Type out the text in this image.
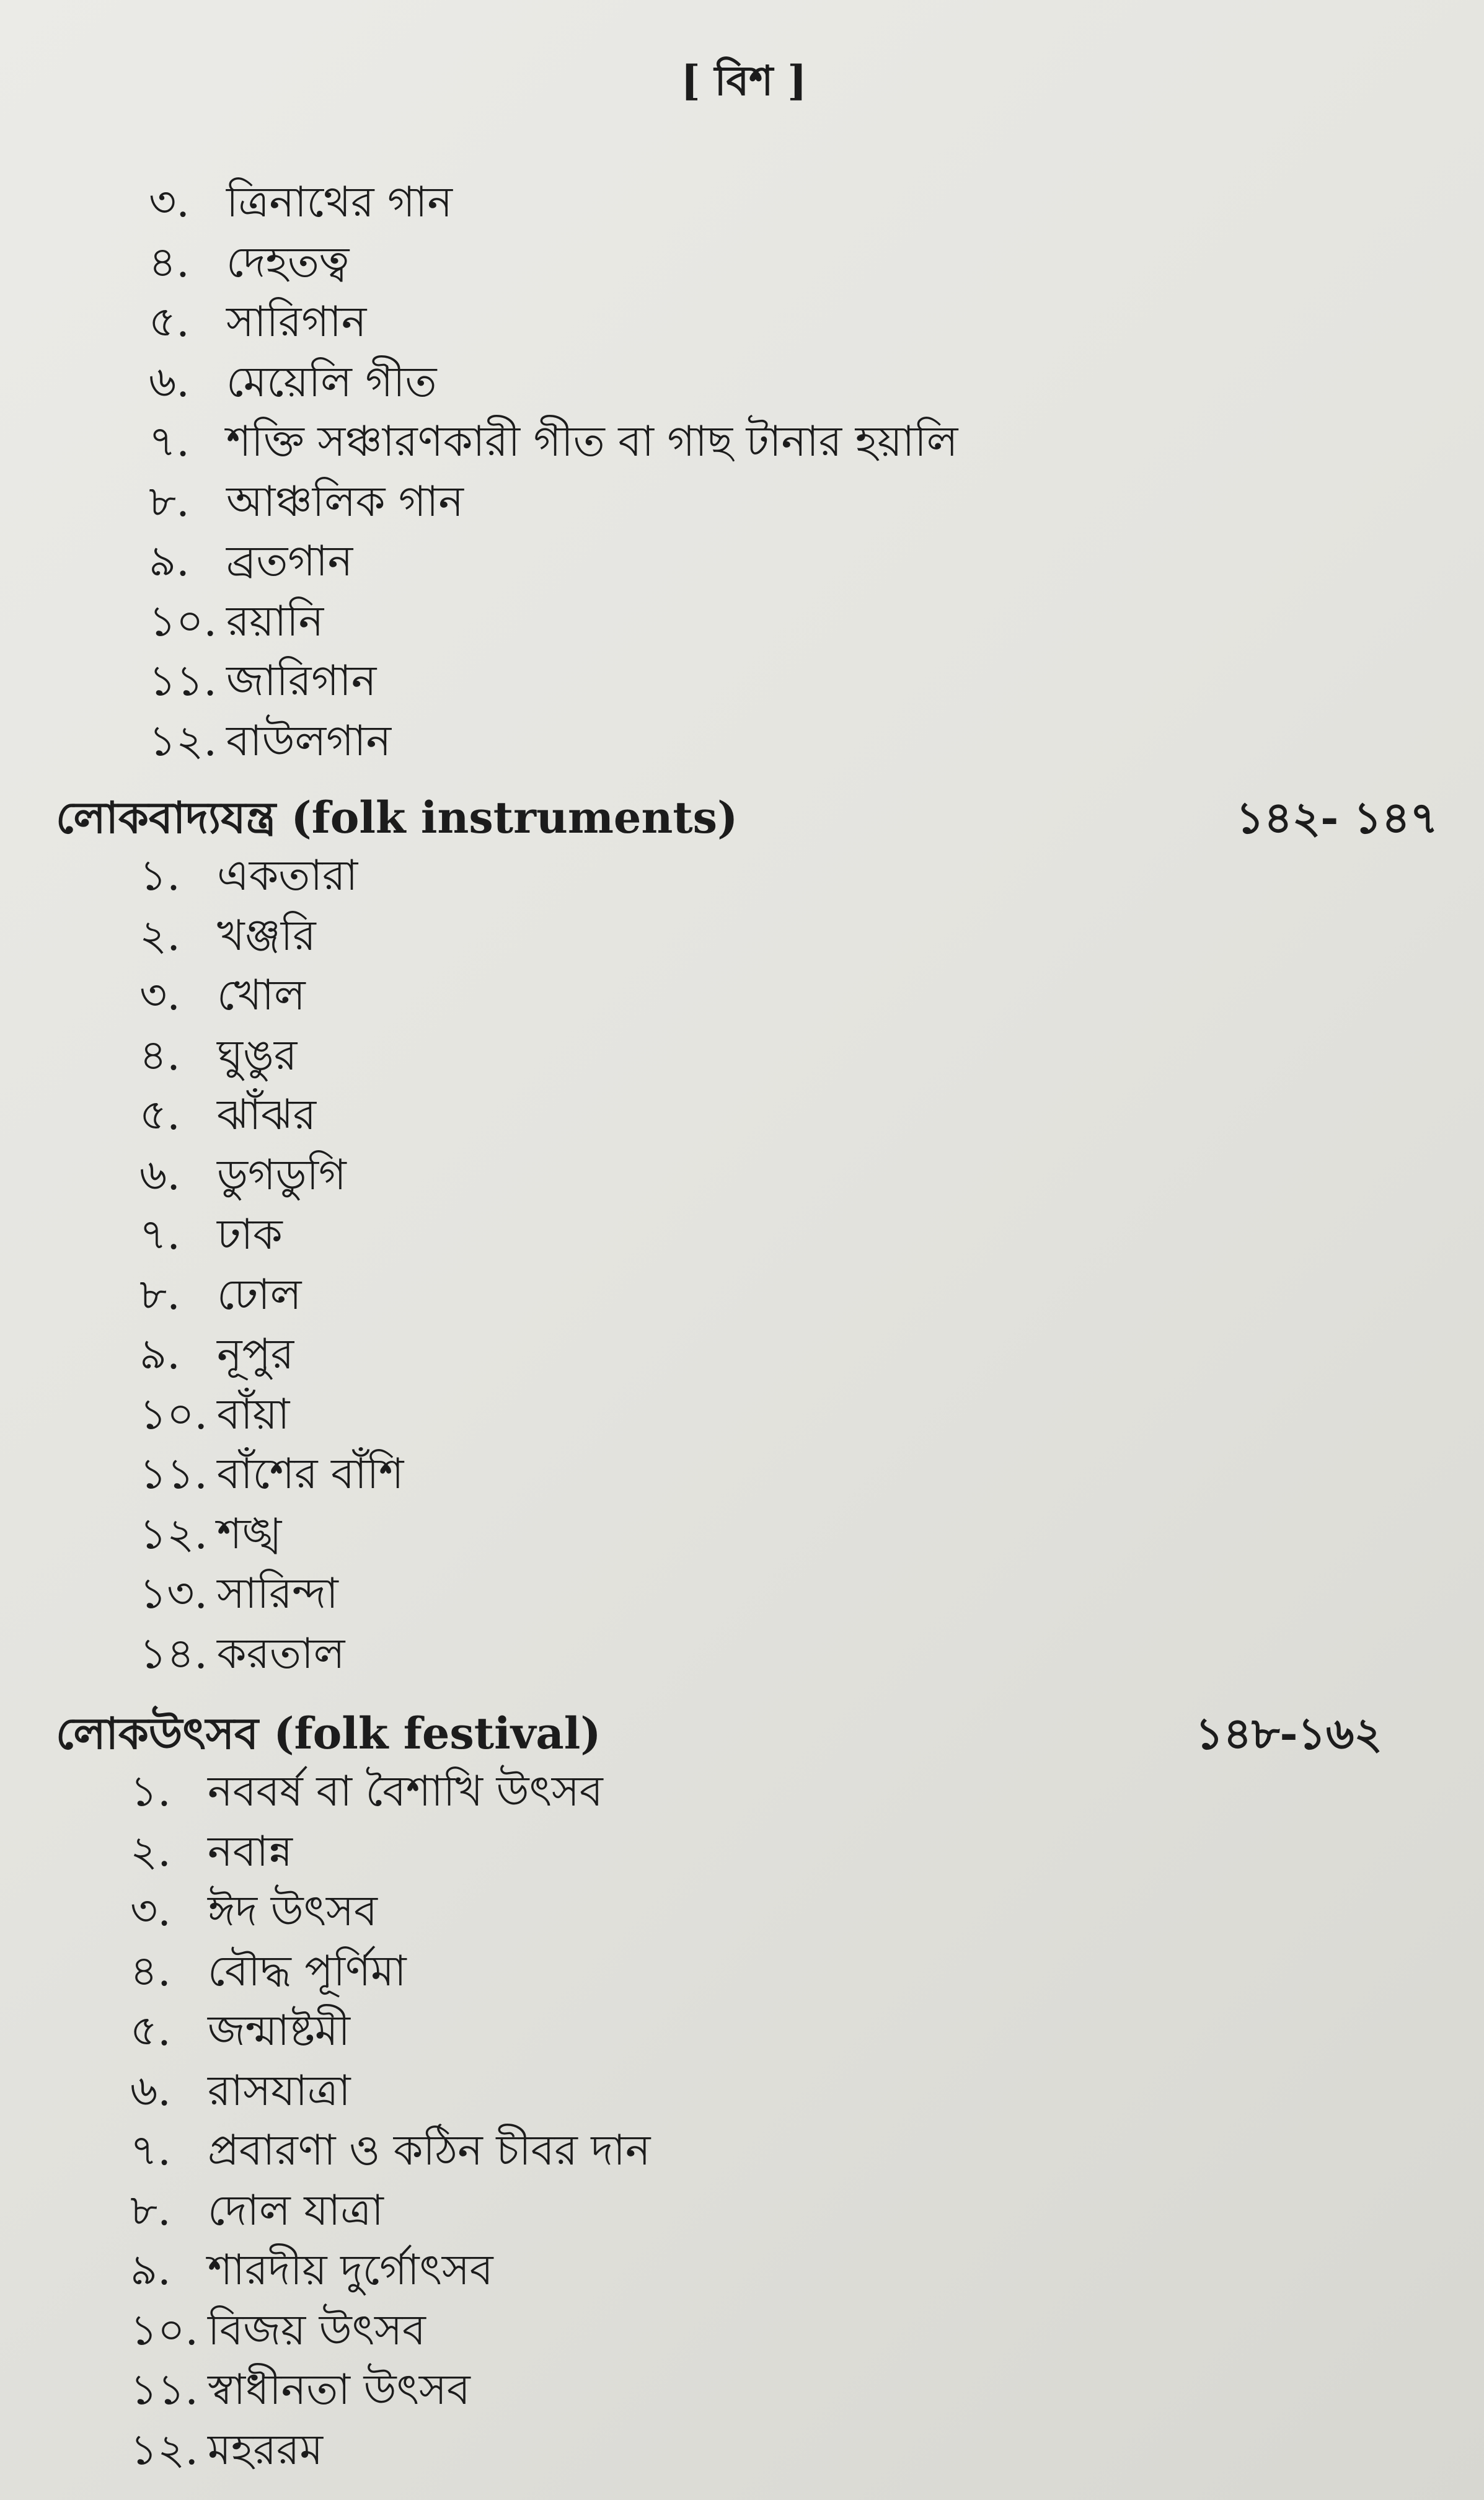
[ বিশ ]
৩. ত্রিনাথের গান
৪. দেহতত্ব
৫. সারিগান
৬. মেয়েলি গীত
৭. শক্তি সঞ্চারণকারী গীত বা গাছ টানার হয়ালি
৮. আঞ্চলিক গান
৯. ব্রতগান
১০. রয়ানি
১১. জারিগান
১২. বাউলগান
লোকবাদ্যযন্ত্র (folk instruments)	১৪২- ১৪৭
১. একতারা
২. খঞ্জরি
৩. খোল
৪. ঘুঙুর
৫. ঝাঁঝর
৬. ডুগডুগি
৭. ঢাক
৮. ঢোল
৯. নূপুর
১০. বাঁয়া
১১. বাঁশের বাঁশি
১২. শঙ্খ
১৩. সারিন্দা
১৪. করতাল
লোকউৎসব (folk festival)	১৪৮-১৬২
১. নববর্ষ বা বৈশাখি উৎসব
২. নবান্ন
৩. ঈদ উৎসব
৪. বৌদ্ধ পূর্ণিমা
৫. জন্মাষ্টমী
৬. রাসযাত্রা
৭. প্রবারণা ও কঠিন চীবর দান
৮. দোল যাত্রা
৯. শারদীয় দুর্গোৎসব
১০. বিজয় উৎসব
১১. স্বাধীনতা উৎসব
১২. মহররম
